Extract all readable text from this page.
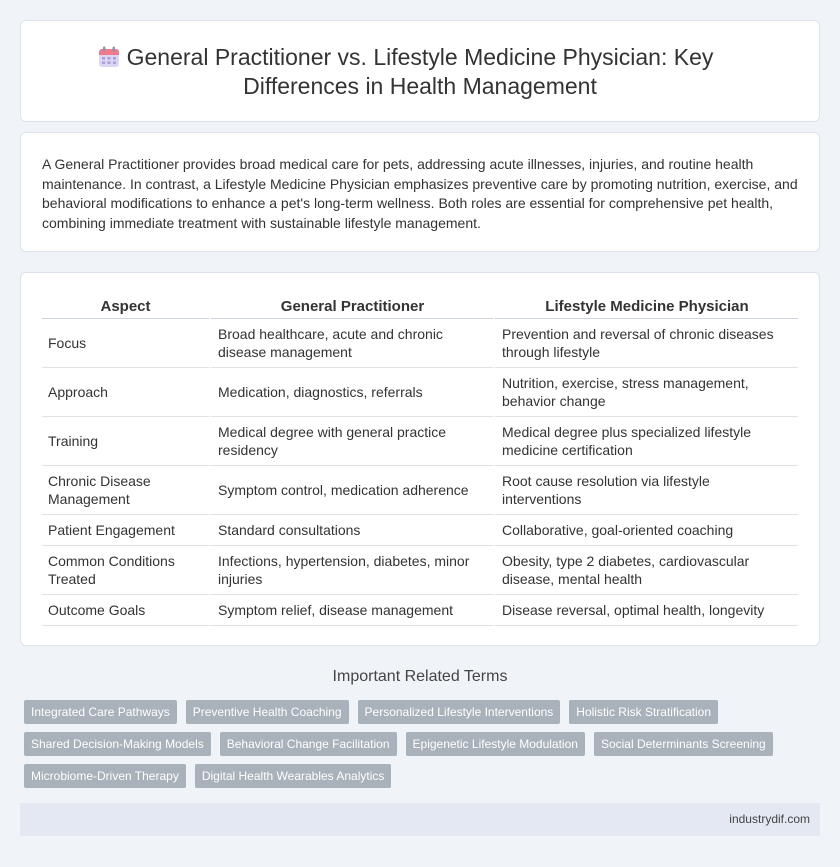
General Practitioner vs. Lifestyle Medicine Physician: Key Differences in Health Management

A General Practitioner provides broad medical care for pets, addressing acute illnesses, injuries, and routine health maintenance. In contrast, a Lifestyle Medicine Physician emphasizes preventive care by promoting nutrition, exercise, and behavioral modifications to enhance a pet's long-term wellness. Both roles are essential for comprehensive pet health, combining immediate treatment with sustainable lifestyle management.

Aspect	General Practitioner	Lifestyle Medicine Physician
Focus	Broad healthcare, acute and chronic disease management	Prevention and reversal of chronic diseases through lifestyle
Approach	Medication, diagnostics, referrals	Nutrition, exercise, stress management, behavior change
Training	Medical degree with general practice residency	Medical degree plus specialized lifestyle medicine certification
Chronic Disease Management	Symptom control, medication adherence	Root cause resolution via lifestyle interventions
Patient Engagement	Standard consultations	Collaborative, goal-oriented coaching
Common Conditions Treated	Infections, hypertension, diabetes, minor injuries	Obesity, type 2 diabetes, cardiovascular disease, mental health
Outcome Goals	Symptom relief, disease management	Disease reversal, optimal health, longevity
Important Related Terms
Integrated Care Pathways	Preventive Health Coaching	Personalized Lifestyle Interventions	Holistic Risk Stratification
Shared Decision-Making Models	Behavioral Change Facilitation	Epigenetic Lifestyle Modulation	Social Determinants Screening
Microbiome-Driven Therapy	Digital Health Wearables Analytics
industrydif.com
